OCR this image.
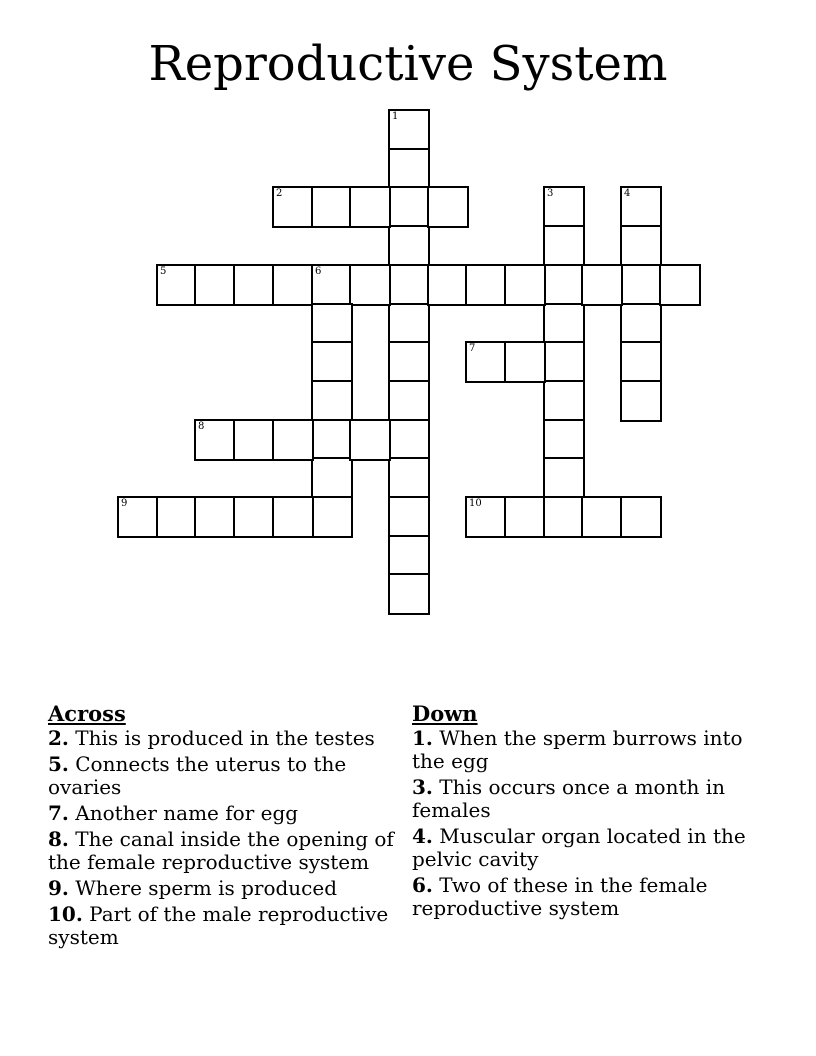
Reproductive System
1
2	3	4
5	6
7
8
9	10
Across
2. This is produced in the testes
5. Connects the uterus to the ovaries
7. Another name for egg
8. The canal inside the opening of the female reproductive system
9. Where sperm is produced
10. Part of the male reproductive system
Down
1. When the sperm burrows into the egg
3. This occurs once a month in females
4. Muscular organ located in the pelvic cavity
6. Two of these in the female reproductive system
